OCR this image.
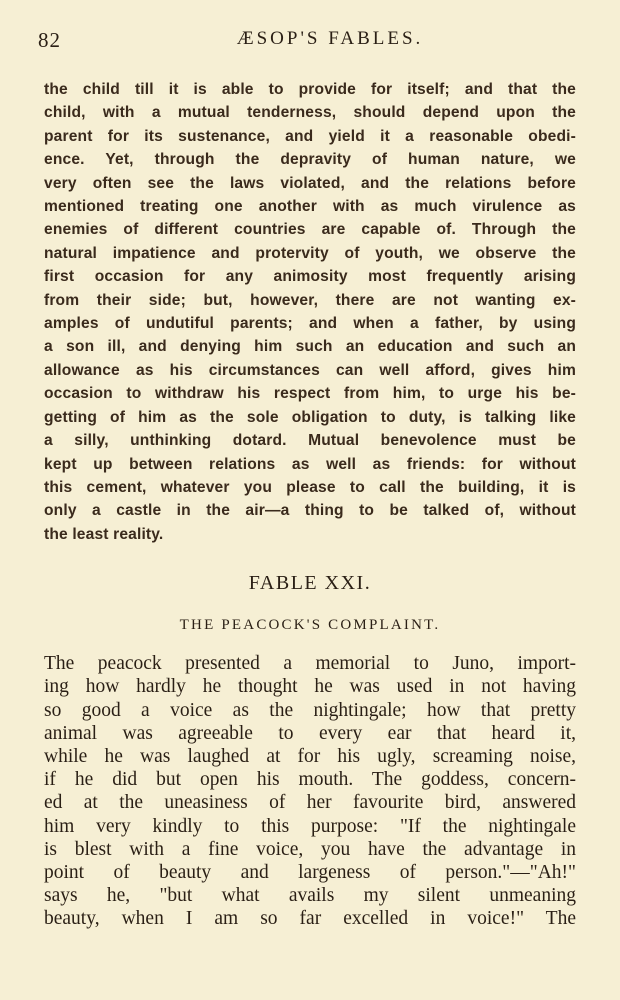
82	ÆSOP'S FABLES.
the child till it is able to provide for itself; and that the
child, with a mutual tenderness, should depend upon the
parent for its sustenance, and yield it a reasonable obedi-
ence. Yet, through the depravity of human nature, we
very often see the laws violated, and the relations before
mentioned treating one another with as much virulence as
enemies of different countries are capable of. Through the
natural impatience and protervity of youth, we observe the
first occasion for any animosity most frequently arising
from their side; but, however, there are not wanting ex-
amples of undutiful parents; and when a father, by using
a son ill, and denying him such an education and such an
allowance as his circumstances can well afford, gives him
occasion to withdraw his respect from him, to urge his be-
getting of him as the sole obligation to duty, is talking like
a silly, unthinking dotard. Mutual benevolence must be
kept up between relations as well as friends: for without
this cement, whatever you please to call the building, it is
only a castle in the air—a thing to be talked of, without
the least reality.
FABLE XXI.
THE PEACOCK'S COMPLAINT.
The peacock presented a memorial to Juno, import-
ing how hardly he thought he was used in not having
so good a voice as the nightingale; how that pretty
animal was agreeable to every ear that heard it,
while he was laughed at for his ugly, screaming noise,
if he did but open his mouth. The goddess, concern-
ed at the uneasiness of her favourite bird, answered
him very kindly to this purpose: "If the nightingale
is blest with a fine voice, you have the advantage in
point of beauty and largeness of person."—"Ah!"
says he, "but what avails my silent unmeaning
beauty, when I am so far excelled in voice!" The
